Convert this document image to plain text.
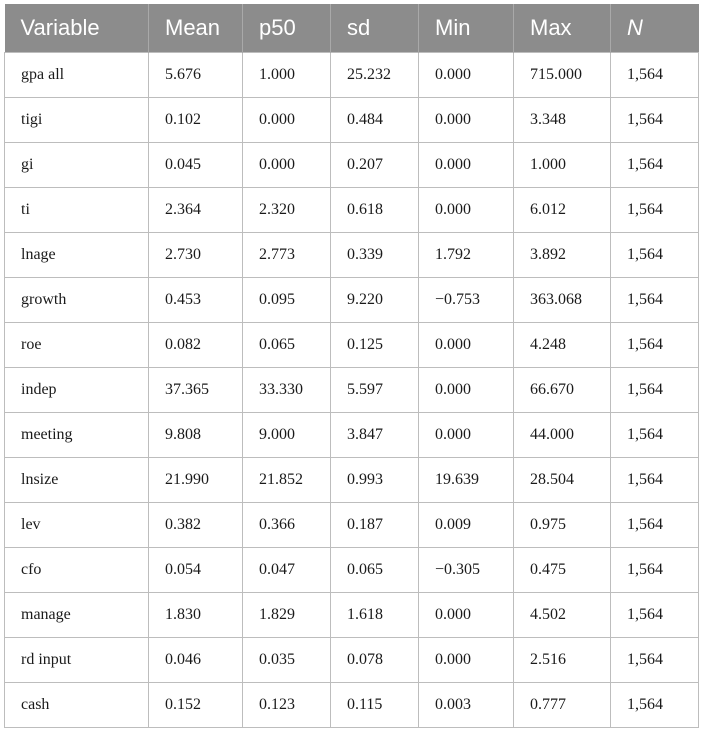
Variable	Mean	p50	sd	Min	Max	N
gpa all	5.676	1.000	25.232	0.000	715.000	1,564
tigi	0.102	0.000	0.484	0.000	3.348	1,564
gi	0.045	0.000	0.207	0.000	1.000	1,564
ti	2.364	2.320	0.618	0.000	6.012	1,564
lnage	2.730	2.773	0.339	1.792	3.892	1,564
growth	0.453	0.095	9.220	−0.753	363.068	1,564
roe	0.082	0.065	0.125	0.000	4.248	1,564
indep	37.365	33.330	5.597	0.000	66.670	1,564
meeting	9.808	9.000	3.847	0.000	44.000	1,564
lnsize	21.990	21.852	0.993	19.639	28.504	1,564
lev	0.382	0.366	0.187	0.009	0.975	1,564
cfo	0.054	0.047	0.065	−0.305	0.475	1,564
manage	1.830	1.829	1.618	0.000	4.502	1,564
rd input	0.046	0.035	0.078	0.000	2.516	1,564
cash	0.152	0.123	0.115	0.003	0.777	1,564
